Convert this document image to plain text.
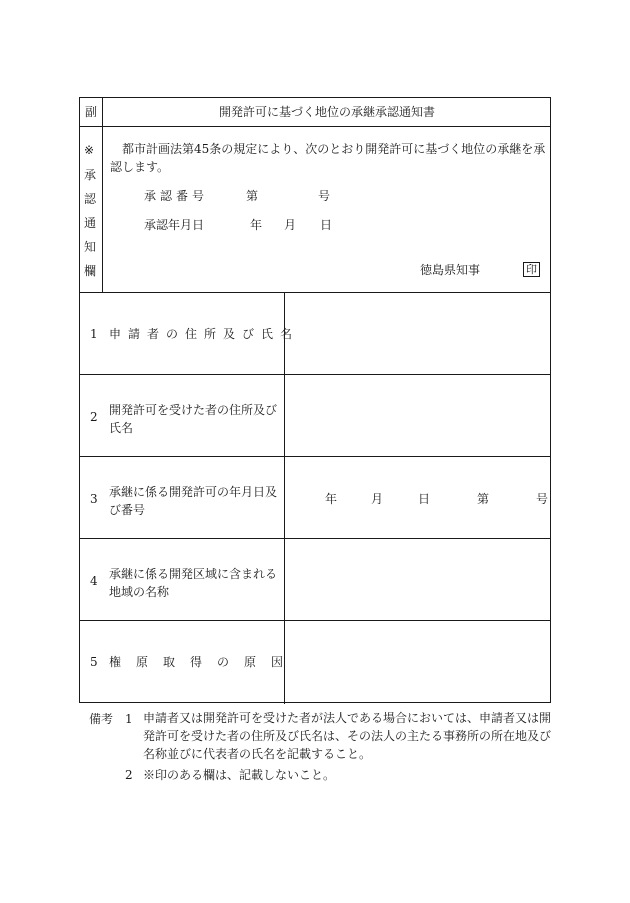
副	開発許可に基づく地位の承継承認通知書
※
承
認
通
知
欄
都市計画法第45条の規定により、次のとおり開発許可に基づく地位の承継を承認します。
承認番号	第	号
承認年月日	年 月 日
徳島県知事	印
1 申請者の住所及び氏名
2 開発許可を受けた者の住所及び氏名
3 承継に係る開発許可の年月日及び番号
年	月	日	第	号
4 承継に係る開発区域に含まれる地域の名称
5 権原取得の原因
備考 1 申請者又は開発許可を受けた者が法人である場合においては、申請者又は開発許可を受けた者の住所及び氏名は、その法人の主たる事務所の所在地及び名称並びに代表者の氏名を記載すること。
2 ※印のある欄は、記載しないこと。
